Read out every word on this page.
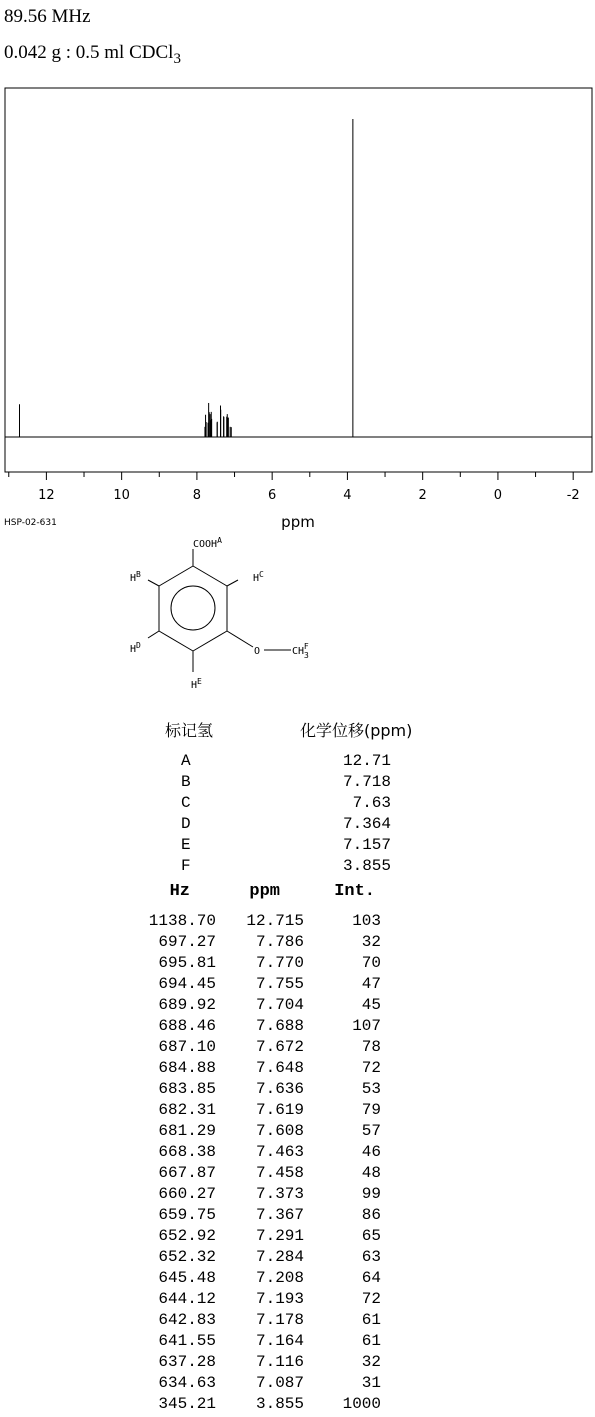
89.56 MHz
0.042 g : 0.5 ml CDCl$_3$
12	10	8	6	4	2	0	-2
ppm
HSP-02-631
$COOH^A$
$H^B$	$H^C$
$H^D$
$H^E$
O	$CH_3F$
标记氢	化学位移(ppm)
A	12.71
B	7.718
C	7.63
D	7.364
E	7.157
F	3.855
Hz	ppm	Int.
1138.70	12.715	103
697.27	7.786	32
695.81	7.770	70
694.45	7.755	47
689.92	7.704	45
688.46	7.688	107
687.10	7.672	78
684.88	7.648	72
683.85	7.636	53
682.31	7.619	79
681.29	7.608	57
668.38	7.463	46
667.87	7.458	48
660.27	7.373	99
659.75	7.367	86
652.92	7.291	65
652.32	7.284	63
645.48	7.208	64
644.12	7.193	72
642.83	7.178	61
641.55	7.164	61
637.28	7.116	32
634.63	7.087	31
345.21	3.855	1000
